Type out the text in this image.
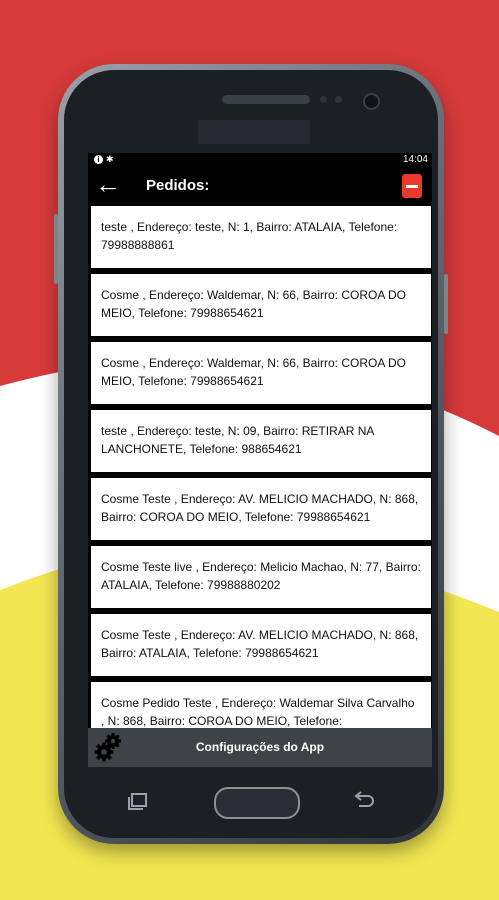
i ✱	14:04
← Pedidos:
teste , Endereço: teste, N: 1, Bairro: ATALAIA, Telefone: 79988888861
Cosme , Endereço: Waldemar, N: 66, Bairro: COROA DO MEIO, Telefone: 79988654621
Cosme , Endereço: Waldemar, N: 66, Bairro: COROA DO MEIO, Telefone: 79988654621
teste , Endereço: teste, N: 09, Bairro: RETIRAR NA LANCHONETE, Telefone: 988654621
Cosme Teste , Endereço: AV. MELICIO MACHADO, N: 868, Bairro: COROA DO MEIO, Telefone: 79988654621
Cosme Teste live , Endereço: Melicio Machao, N: 77, Bairro: ATALAIA, Telefone: 79988880202
Cosme Teste , Endereço: AV. MELICIO MACHADO, N: 868, Bairro: ATALAIA, Telefone: 79988654621
Cosme Pedido Teste , Endereço: Waldemar Silva Carvalho , N: 868, Bairro: COROA DO MEIO, Telefone:
Configurações do App
